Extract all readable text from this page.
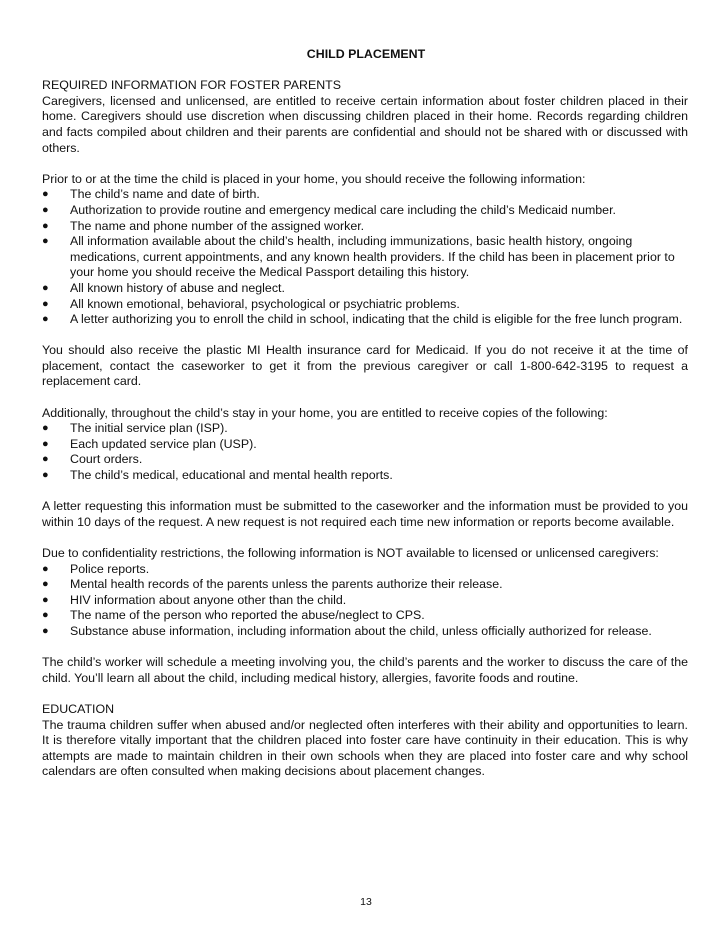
CHILD PLACEMENT
REQUIRED INFORMATION FOR FOSTER PARENTS

Caregivers, licensed and unlicensed, are entitled to receive certain information about foster children placed in their home. Caregivers should use discretion when discussing children placed in their home. Records regarding children and facts compiled about children and their parents are confidential and should not be shared with or discussed with others.

Prior to or at the time the child is placed in your home, you should receive the following information:

●	The child’s name and date of birth.
●	Authorization to provide routine and emergency medical care including the child’s Medicaid number.
●	The name and phone number of the assigned worker.
●	All information available about the child’s health, including immunizations, basic health history, ongoing medications, current appointments, and any known health providers. If the child has been in placement prior to your home you should receive the Medical Passport detailing this history.
●	All known history of abuse and neglect.
●	All known emotional, behavioral, psychological or psychiatric problems.
●	A letter authorizing you to enroll the child in school, indicating that the child is eligible for the free lunch program.

You should also receive the plastic MI Health insurance card for Medicaid. If you do not receive it at the time of placement, contact the caseworker to get it from the previous caregiver or call 1-800-642-3195 to request a replacement card.

Additionally, throughout the child’s stay in your home, you are entitled to receive copies of the following:

●	The initial service plan (ISP).
●	Each updated service plan (USP).
●	Court orders.
●	The child’s medical, educational and mental health reports.

A letter requesting this information must be submitted to the caseworker and the information must be provided to you within 10 days of the request. A new request is not required each time new information or reports become available.

Due to confidentiality restrictions, the following information is NOT available to licensed or unlicensed caregivers:

●	Police reports.
●	Mental health records of the parents unless the parents authorize their release.
●	HIV information about anyone other than the child.
●	The name of the person who reported the abuse/neglect to CPS.
●	Substance abuse information, including information about the child, unless officially authorized for release.

The child’s worker will schedule a meeting involving you, the child’s parents and the worker to discuss the care of the child. You’ll learn all about the child, including medical history, allergies, favorite foods and routine.

EDUCATION

The trauma children suffer when abused and/or neglected often interferes with their ability and opportunities to learn. It is therefore vitally important that the children placed into foster care have continuity in their education. This is why attempts are made to maintain children in their own schools when they are placed into foster care and why school calendars are often consulted when making decisions about placement changes.

13
